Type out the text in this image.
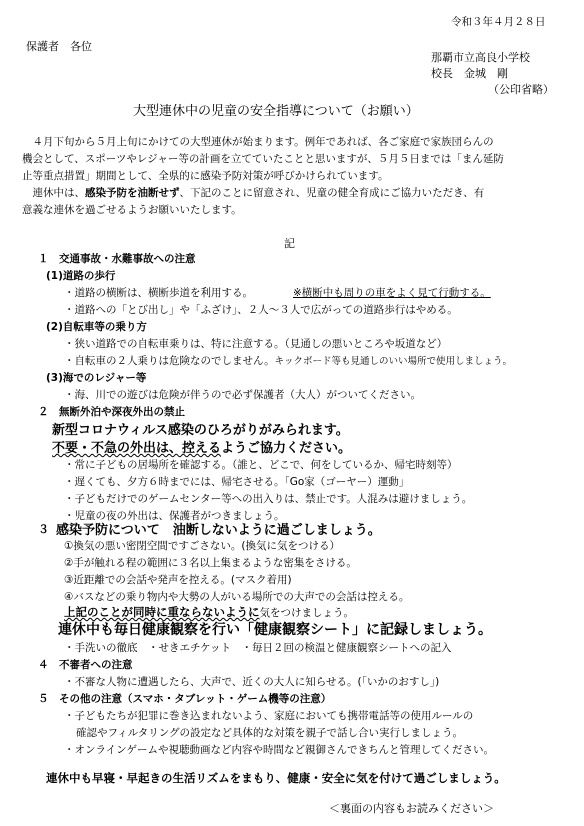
令和３年４月２８日
保護者　各位
那覇市立高良小学校
校長　金城　剛
（公印省略）
大型連休中の児童の安全指導について（お願い）
　４月下旬から５月上旬にかけての大型連休が始まります。例年であれば、各ご家庭で家族団らんの
機会として、スポーツやレジャー等の計画を立てていたことと思いますが、５月５日までは「まん延防
止等重点措置」期間として、全県的に感染予防対策が呼びかけられています。
　連休中は、感染予防を油断せず、下記のことに留意され、児童の健全育成にご協力いただき、有
意義な連休を過ごせるようお願いいたします。
記
１　交通事故・水難事故への注意
(1)道路の歩行
・道路の横断は、横断歩道を利用する。	※横断中も周りの車をよく見て行動する。
・道路への「とび出し」や「ふざけ」、２人～３人で広がっての道路歩行はやめる。
(2)自転車等の乗り方
・狭い道路での自転車乗りは、特に注意する。（見通しの悪いところや坂道など）
・自転車の２人乗りは危険なのでしません。キックボード等も見通しのいい場所で使用しましょう。
(3)海でのレジャー等
・海、川での遊びは危険が伴うので必ず保護者（大人）がついてください。
２　無断外泊や深夜外出の禁止
新型コロナウィルス感染のひろがりがみられます。
不要・不急の外出は、控えるようご協力ください。
・常に子どもの居場所を確認する。（誰と、どこで、何をしているか、帰宅時刻等）
・遅くても、夕方６時までには、帰宅させる。「Go家（ゴーヤー）運動」
・子どもだけでのゲームセンター等への出入りは、禁止です。人混みは避けましょう。
・児童の夜の外出は、保護者がつきましょう。
３ 感染予防について　油断しないように過ごしましょう。
①換気の悪い密閉空間ですごさない。(換気に気をつける）
②手が触れる程の範囲に３名以上集まるような密集をさける。
③近距離での会話や発声を控える。(マスク着用)
④バスなどの乗り物内や大勢の人がいる場所での大声での会話は控える。
上記のことが同時に重ならないように気をつけましょう。
連休中も毎日健康観察を行い「健康観察シート」に記録しましょう。
・手洗いの徹底　・せきエチケット　・毎日２回の検温と健康観察シートへの記入
４　不審者への注意
・不審な人物に遭遇したら、大声で、近くの大人に知らせる。(「いかのおすし」)
５　その他の注意（スマホ・タブレット・ゲーム機等の注意）
・子どもたちが犯罪に巻き込まれないよう、家庭においても携帯電話等の使用ルールの
確認やフィルタリングの設定など具体的な対策を親子で話し合い実行しましょう。
・オンラインゲームや視聴動画など内容や時間など親御さんできちんと管理してください。
連休中も早寝・早起きの生活リズムをまもり、健康・安全に気を付けて過ごしましょう。
＜裏面の内容もお読みください＞
